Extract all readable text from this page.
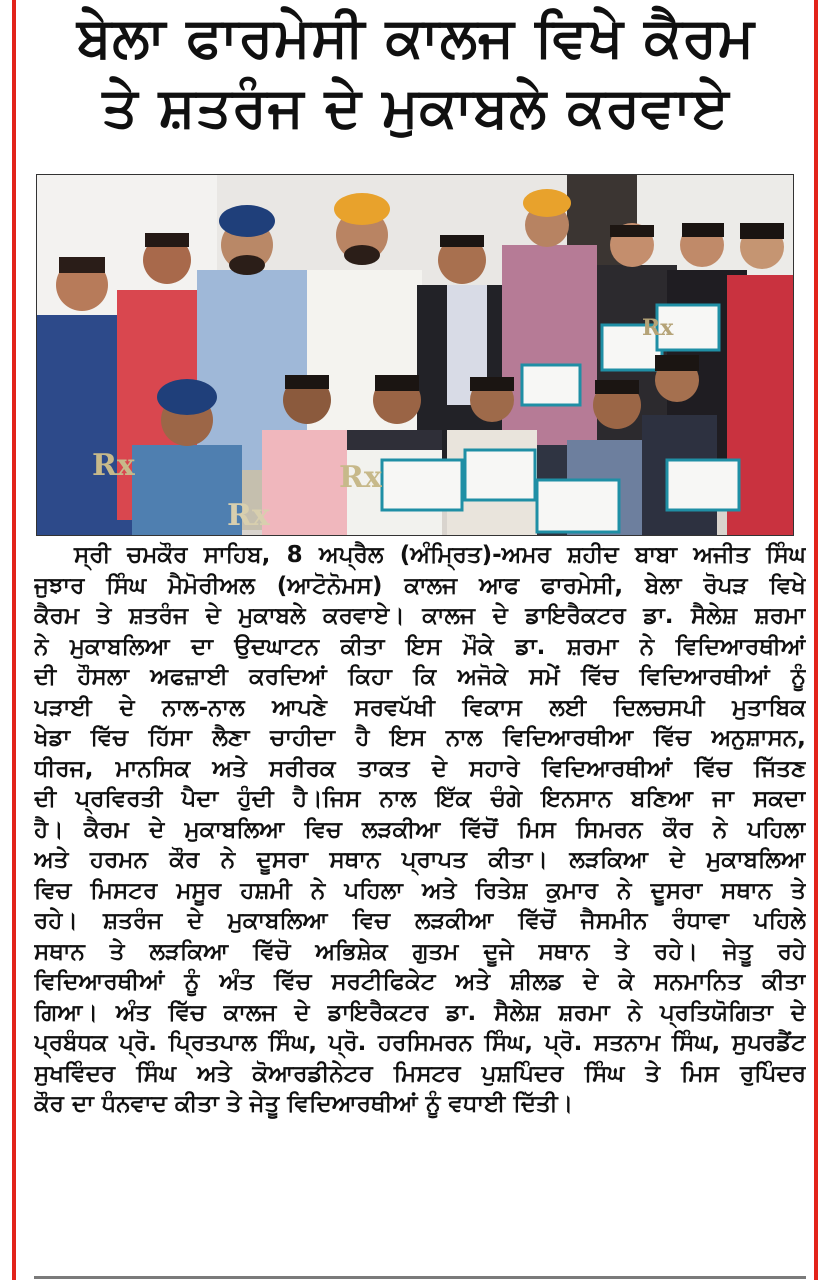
ਬੇਲਾ ਫਾਰਮੇਸੀ ਕਾਲਜ ਵਿਖੇ ਕੈਰਮ
ਤੇ ਸ਼ਤਰੰਜ ਦੇ ਮੁਕਾਬਲੇ ਕਰਵਾਏ
Rx
Rx
Rx
Rx
ਸ੍ਰੀ ਚਮਕੌਰ ਸਾਹਿਬ, 8 ਅਪ੍ਰੈਲ (ਅੰਮ੍ਰਿਤ)-ਅਮਰ ਸ਼ਹੀਦ ਬਾਬਾ ਅਜੀਤ ਸਿੰਘ
ਜੁਝਾਰ ਸਿੰਘ ਮੈਮੋਰੀਅਲ (ਆਟੋਨੋਮਸ) ਕਾਲਜ ਆਫ ਫਾਰਮੇਸੀ, ਬੇਲਾ ਰੋਪੜ ਵਿਖੇ
ਕੈਰਮ ਤੇ ਸ਼ਤਰੰਜ ਦੇ ਮੁਕਾਬਲੇ ਕਰਵਾਏ। ਕਾਲਜ ਦੇ ਡਾਇਰੈਕਟਰ ਡਾ. ਸੈਲੇਸ਼ ਸ਼ਰਮਾ
ਨੇ ਮੁਕਾਬਲਿਆ ਦਾ ਉਦਘਾਟਨ ਕੀਤਾ ਇਸ ਮੌਕੇ ਡਾ. ਸ਼ਰਮਾ ਨੇ ਵਿਦਿਆਰਥੀਆਂ
ਦੀ ਹੌਸਲਾ ਅਫਜ਼ਾਈ ਕਰਦਿਆਂ ਕਿਹਾ ਕਿ ਅਜੋਕੇ ਸਮੇਂ ਵਿੱਚ ਵਿਦਿਆਰਥੀਆਂ ਨੂੰ
ਪੜਾਈ ਦੇ ਨਾਲ-ਨਾਲ ਆਪਣੇ ਸਰਵਪੱਖੀ ਵਿਕਾਸ ਲਈ ਦਿਲਚਸਪੀ ਮੁਤਾਬਿਕ
ਖੇਡਾ ਵਿੱਚ ਹਿੱਸਾ ਲੈਣਾ ਚਾਹੀਦਾ ਹੈ ਇਸ ਨਾਲ ਵਿਦਿਆਰਥੀਆ ਵਿੱਚ ਅਨੁਸ਼ਾਸਨ,
ਧੀਰਜ, ਮਾਨਸਿਕ ਅਤੇ ਸਰੀਰਕ ਤਾਕਤ ਦੇ ਸਹਾਰੇ ਵਿਦਿਆਰਥੀਆਂ ਵਿੱਚ ਜਿੱਤਣ
ਦੀ ਪ੍ਰਵਿਰਤੀ ਪੈਦਾ ਹੁੰਦੀ ਹੈ।ਜਿਸ ਨਾਲ ਇੱਕ ਚੰਗੇ ਇਨਸਾਨ ਬਣਿਆ ਜਾ ਸਕਦਾ
ਹੈ। ਕੈਰਮ ਦੇ ਮੁਕਾਬਲਿਆ ਵਿਚ ਲੜਕੀਆ ਵਿੱਚੋਂ ਮਿਸ ਸਿਮਰਨ ਕੌਰ ਨੇ ਪਹਿਲਾ
ਅਤੇ ਹਰਮਨ ਕੌਰ ਨੇ ਦੂਸਰਾ ਸਥਾਨ ਪ੍ਰਾਪਤ ਕੀਤਾ। ਲੜਕਿਆ ਦੇ ਮੁਕਾਬਲਿਆ
ਵਿਚ ਮਿਸਟਰ ਮਸੂਰ ਹਸ਼ਮੀ ਨੇ ਪਹਿਲਾ ਅਤੇ ਰਿਤੇਸ਼ ਕੁਮਾਰ ਨੇ ਦੂਸਰਾ ਸਥਾਨ ਤੇ
ਰਹੇ। ਸ਼ਤਰੰਜ ਦੇ ਮੁਕਾਬਲਿਆ ਵਿਚ ਲੜਕੀਆ ਵਿੱਚੋਂ ਜੈਸਮੀਨ ਰੰਧਾਵਾ ਪਹਿਲੇ
ਸਥਾਨ ਤੇ ਲੜਕਿਆ ਵਿੱਚੋ ਅਭਿਸ਼ੇਕ ਗੁਤਮ ਦੂਜੇ ਸਥਾਨ ਤੇ ਰਹੇ। ਜੇਤੂ ਰਹੇ
ਵਿਦਿਆਰਥੀਆਂ ਨੂੰ ਅੰਤ ਵਿੱਚ ਸਰਟੀਫਿਕੇਟ ਅਤੇ ਸ਼ੀਲਡ ਦੇ ਕੇ ਸਨਮਾਨਿਤ ਕੀਤਾ
ਗਿਆ। ਅੰਤ ਵਿੱਚ ਕਾਲਜ ਦੇ ਡਾਇਰੈਕਟਰ ਡਾ. ਸੈਲੇਸ਼ ਸ਼ਰਮਾ ਨੇ ਪ੍ਰਤਿਯੋਗਿਤਾ ਦੇ
ਪ੍ਰਬੰਧਕ ਪ੍ਰੋ. ਪ੍ਰਿਤਪਾਲ ਸਿੰਘ, ਪ੍ਰੋ. ਹਰਸਿਮਰਨ ਸਿੰਘ, ਪ੍ਰੋ. ਸਤਨਾਮ ਸਿੰਘ, ਸੁਪਰਡੈਂਟ
ਸੁਖਵਿੰਦਰ ਸਿੰਘ ਅਤੇ ਕੋਆਰਡੀਨੇਟਰ ਮਿਸਟਰ ਪੁਸ਼ਪਿੰਦਰ ਸਿੰਘ ਤੇ ਮਿਸ ਰੁਪਿੰਦਰ
ਕੌਰ ਦਾ ਧੰਨਵਾਦ ਕੀਤਾ ਤੇ ਜੇਤੂ ਵਿਦਿਆਰਥੀਆਂ ਨੂੰ ਵਧਾਈ ਦਿੱਤੀ।
